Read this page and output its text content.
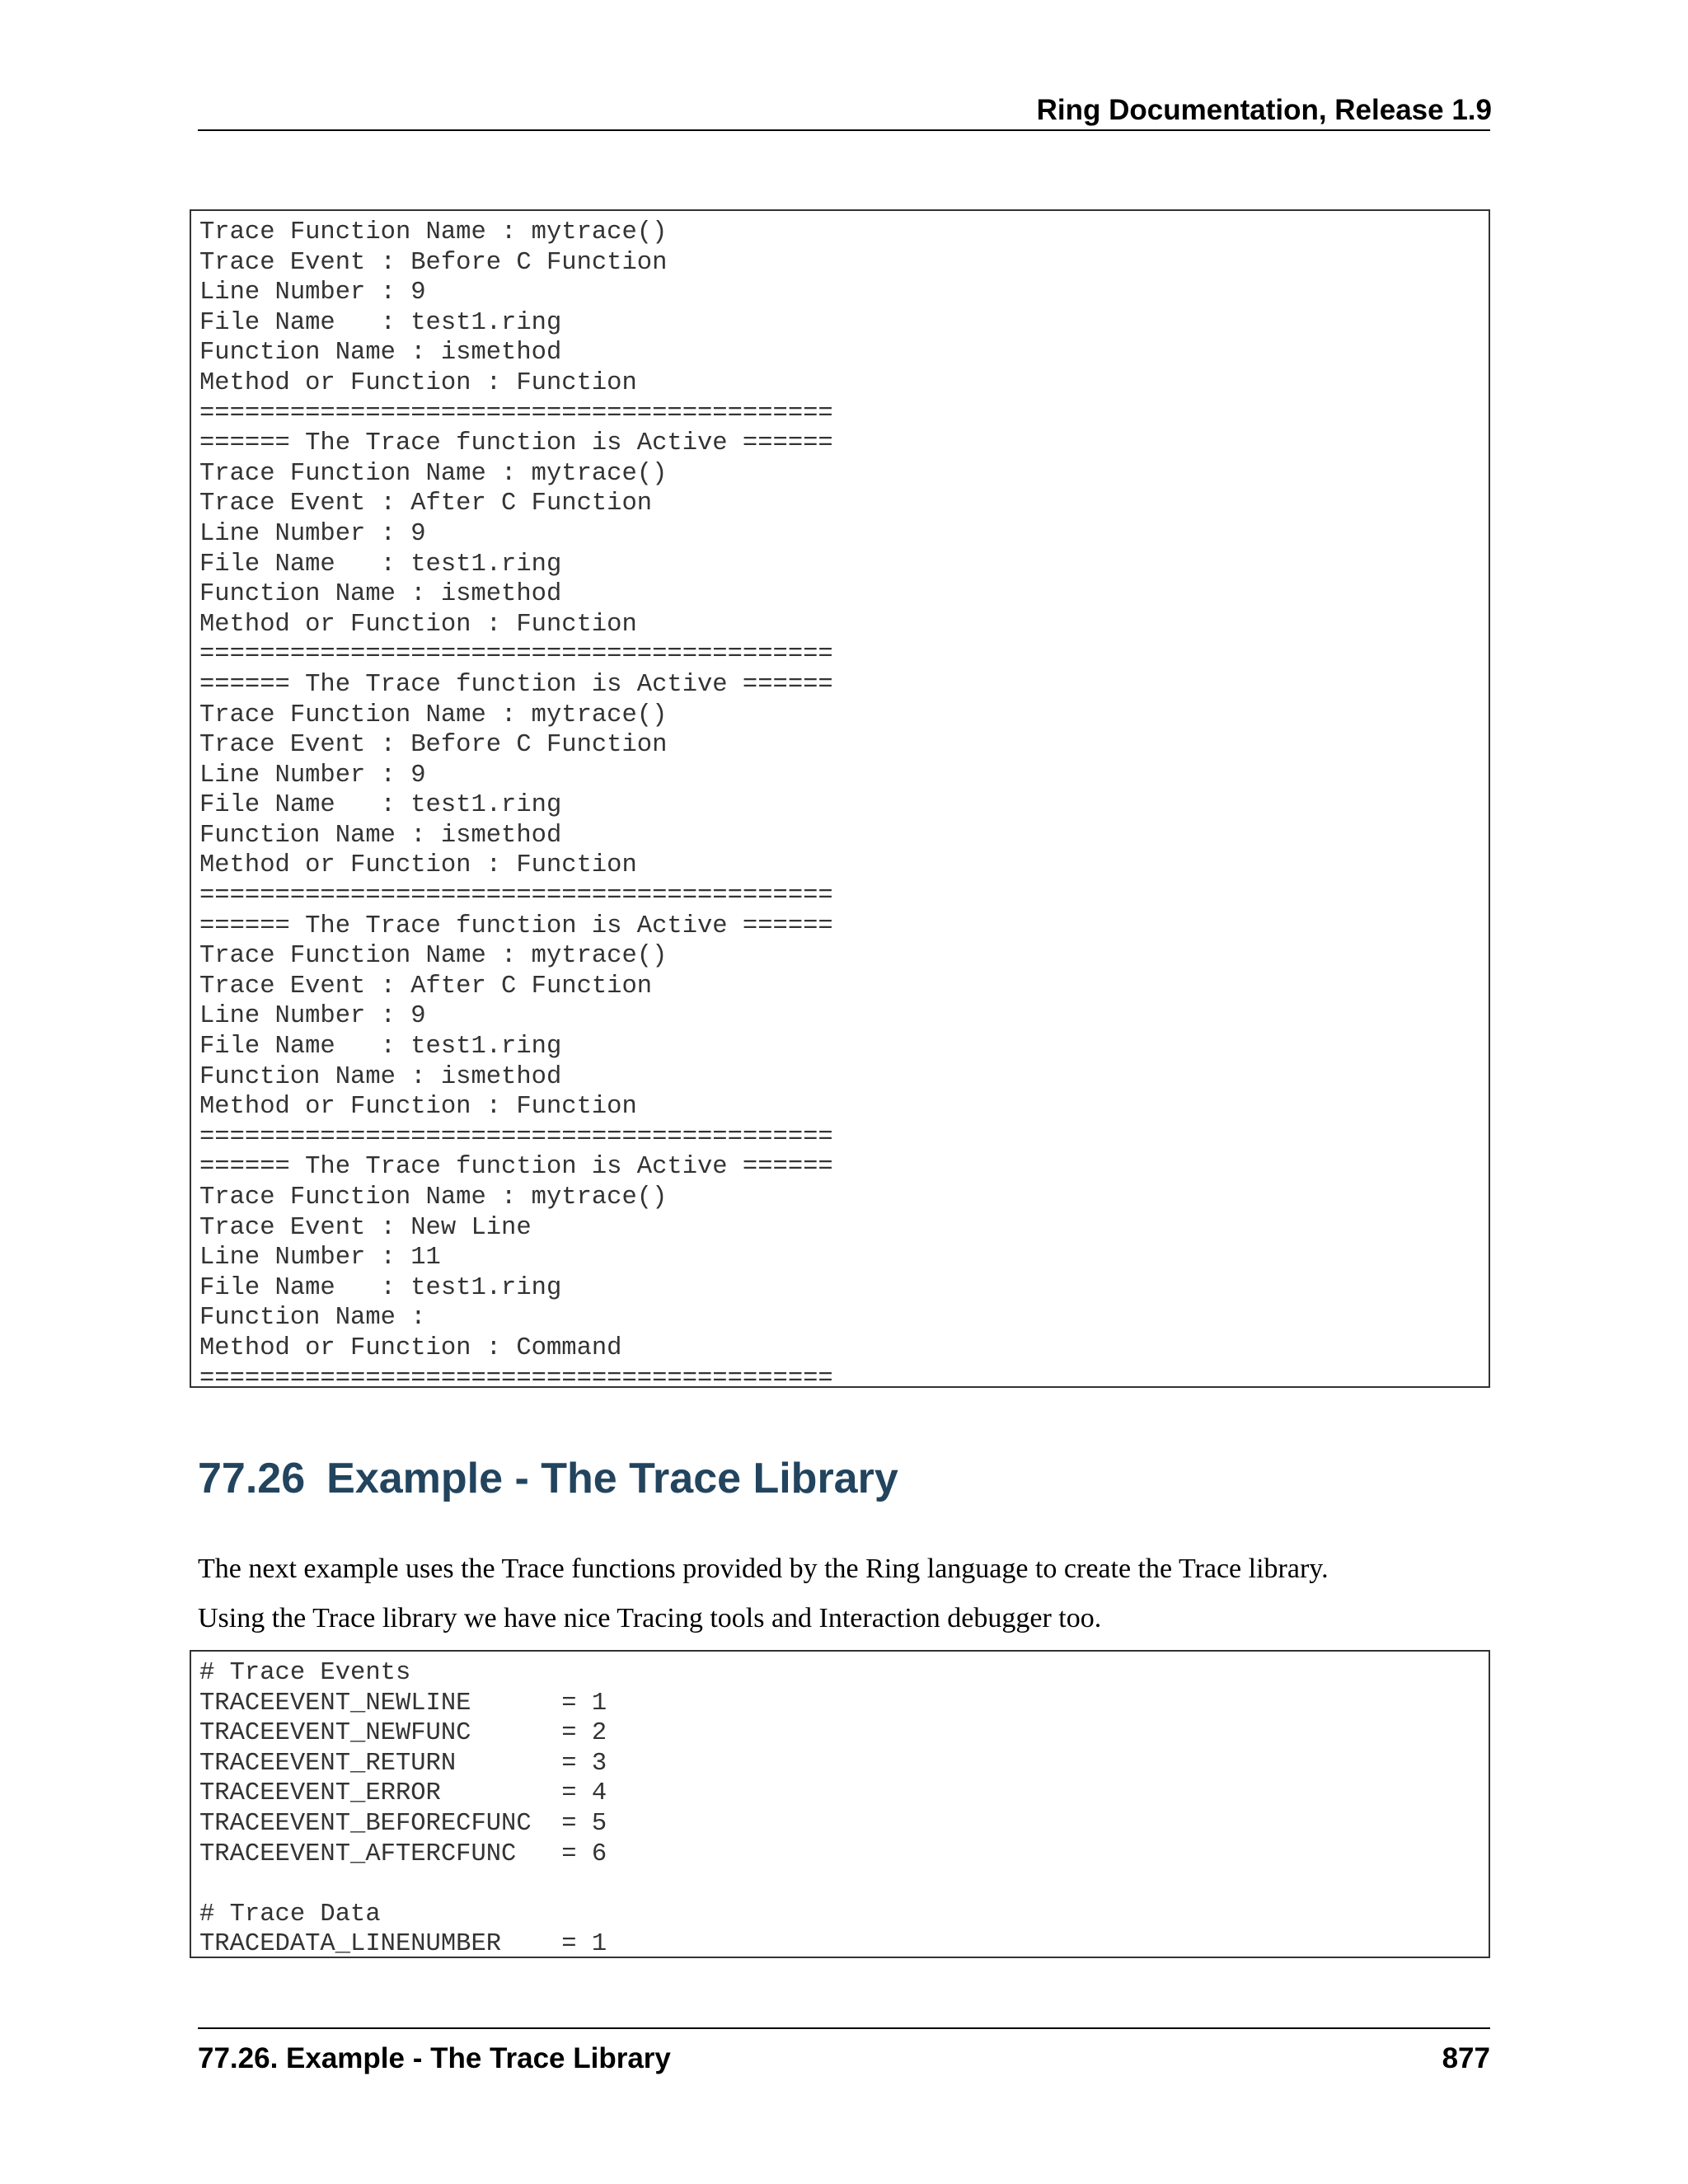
Ring Documentation, Release 1.9
Trace Function Name : mytrace()
Trace Event : Before C Function
Line Number : 9
File Name   : test1.ring
Function Name : ismethod
Method or Function : Function
==========================================
====== The Trace function is Active ======
Trace Function Name : mytrace()
Trace Event : After C Function
Line Number : 9
File Name   : test1.ring
Function Name : ismethod
Method or Function : Function
==========================================
====== The Trace function is Active ======
Trace Function Name : mytrace()
Trace Event : Before C Function
Line Number : 9
File Name   : test1.ring
Function Name : ismethod
Method or Function : Function
==========================================
====== The Trace function is Active ======
Trace Function Name : mytrace()
Trace Event : After C Function
Line Number : 9
File Name   : test1.ring
Function Name : ismethod
Method or Function : Function
==========================================
====== The Trace function is Active ======
Trace Function Name : mytrace()
Trace Event : New Line
Line Number : 11
File Name   : test1.ring
Function Name :
Method or Function : Command
==========================================
77.26 Example - The Trace Library
The next example uses the Trace functions provided by the Ring language to create the Trace library.
Using the Trace library we have nice Tracing tools and Interaction debugger too.
# Trace Events
TRACEEVENT_NEWLINE      = 1
TRACEEVENT_NEWFUNC      = 2
TRACEEVENT_RETURN       = 3
TRACEEVENT_ERROR        = 4
TRACEEVENT_BEFORECFUNC  = 5
TRACEEVENT_AFTERCFUNC   = 6
# Trace Data
TRACEDATA_LINENUMBER    = 1
77.26. Example - The Trace Library	877
